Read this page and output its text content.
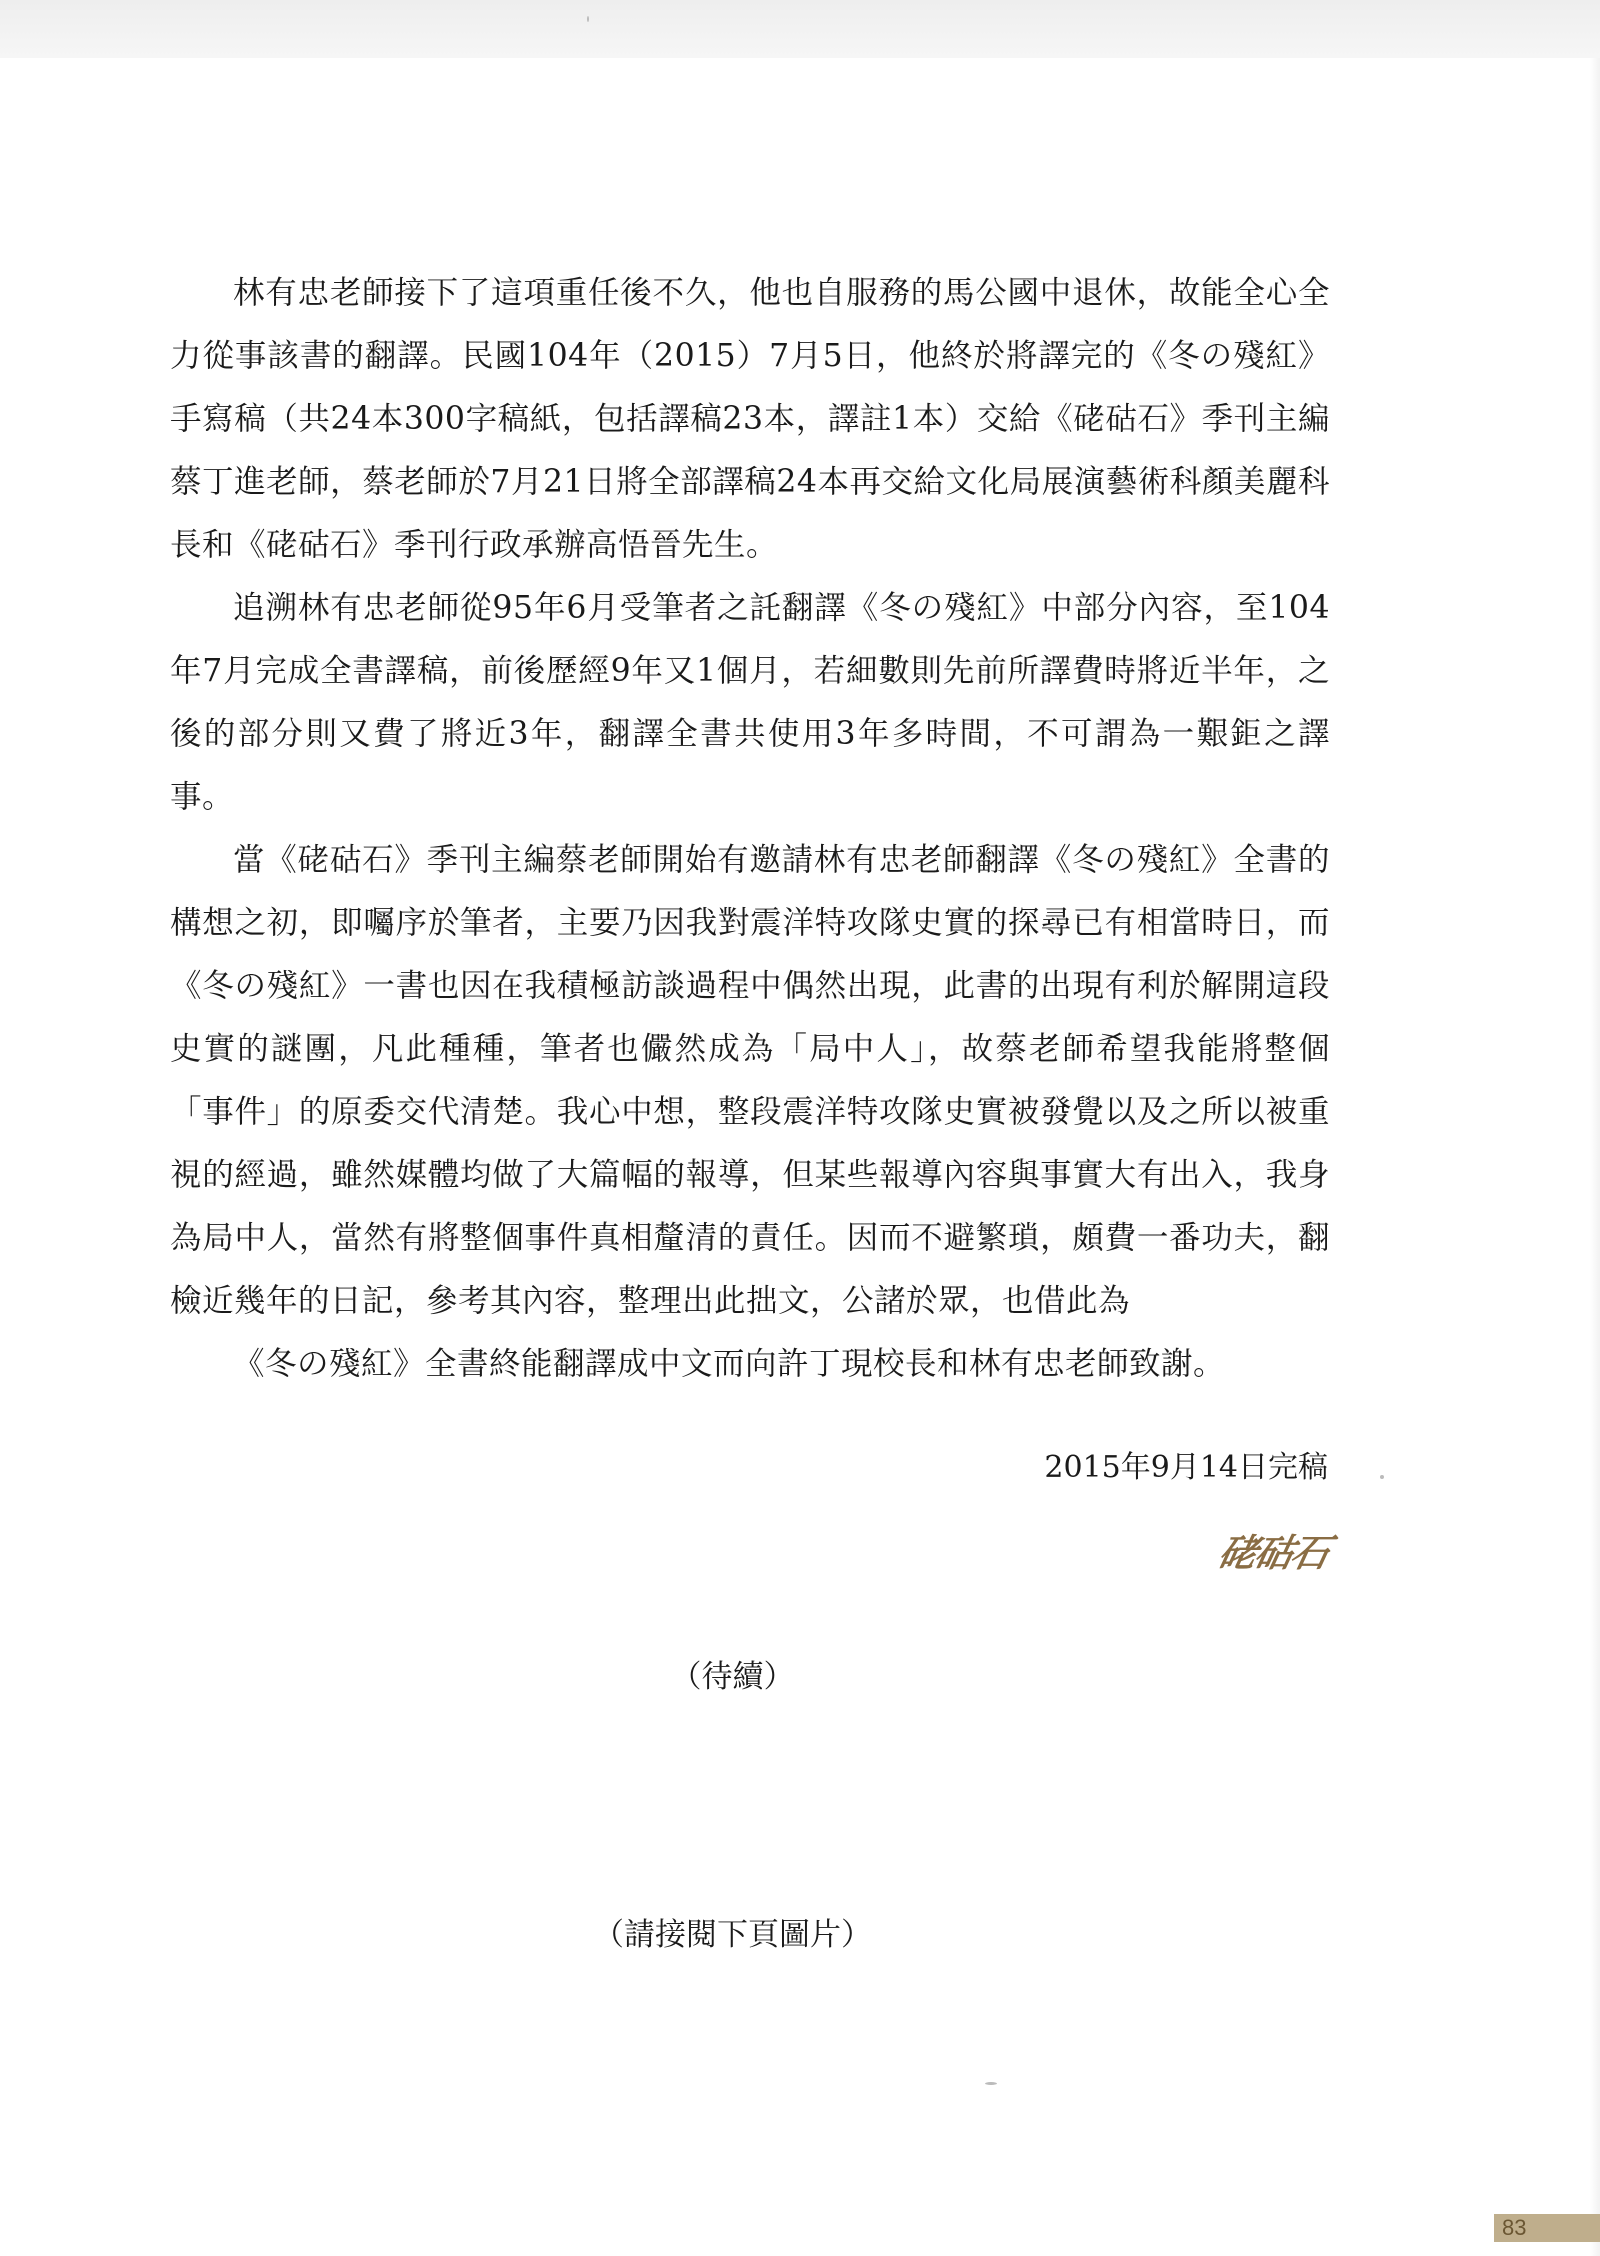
林有忠老師接下了這項重任後不久，他也自服務的馬公國中退休，故能全心全力從事該書的翻譯。民國104年（2015）7月5日，他終於將譯完的《冬の殘紅》手寫稿（共24本300字稿紙，包括譯稿23本，譯註1本）交給《硓𥑮石》季刊主編蔡丁進老師，蔡老師於7月21日將全部譯稿24本再交給文化局展演藝術科顏美麗科長和《硓𥑮石》季刊行政承辦高悟晉先生。

追溯林有忠老師從95年6月受筆者之託翻譯《冬の殘紅》中部分內容，至104年7月完成全書譯稿，前後歷經9年又1個月，若細數則先前所譯費時將近半年，之後的部分則又費了將近3年，翻譯全書共使用3年多時間，不可謂為一艱鉅之譯事。

當《硓𥑮石》季刊主編蔡老師開始有邀請林有忠老師翻譯《冬の殘紅》全書的構想之初，即囑序於筆者，主要乃因我對震洋特攻隊史實的探尋已有相當時日，而《冬の殘紅》一書也因在我積極訪談過程中偶然出現，此書的出現有利於解開這段史實的謎團，凡此種種，筆者也儼然成為「局中人」，故蔡老師希望我能將整個「事件」的原委交代清楚。我心中想，整段震洋特攻隊史實被發覺以及之所以被重視的經過，雖然媒體均做了大篇幅的報導，但某些報導內容與事實大有出入，我身為局中人，當然有將整個事件真相釐清的責任。因而不避繁瑣，頗費一番功夫，翻檢近幾年的日記，參考其內容，整理出此拙文，公諸於眾，也借此為

《冬の殘紅》全書終能翻譯成中文而向許丁現校長和林有忠老師致謝。

2015年9月14日完稿
硓𥑮石
（待續）
（請接閱下頁圖片）
83
